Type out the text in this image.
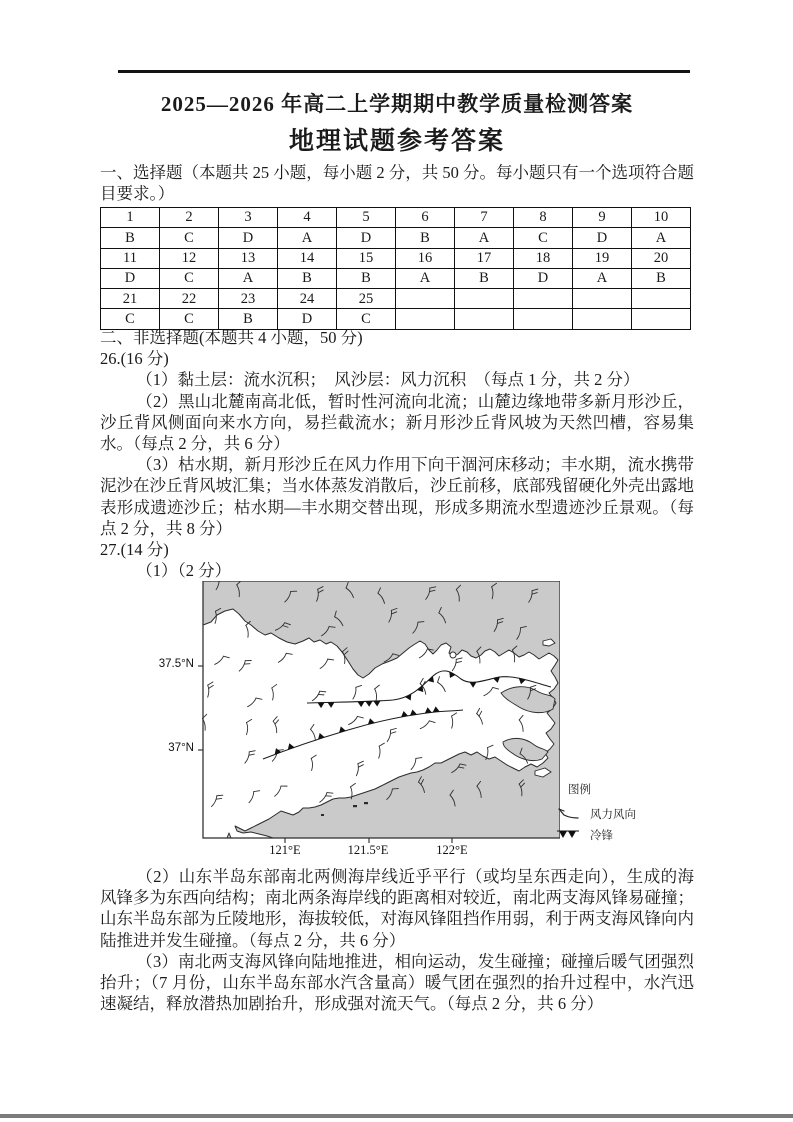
2025—2026 年高二上学期期中教学质量检测答案
地理试题参考答案

一、选择题（本题共 25 小题，每小题 2 分，共 50 分。每小题只有一个选项符合题目要求。）

1	2	3	4	5	6	7	8	9	10
B	C	D	A	D	B	A	C	D	A
11	12	13	14	15	16	17	18	19	20
D	C	A	B	B	A	B	D	A	B
21	22	23	24	25					
C	C	B	D	C					

二、非选择题(本题共 4 小题，50 分)

26.(16 分)

（1）黏土层：流水沉积；　风沙层：风力沉积　（每点 1 分，共 2 分）

（2）黑山北麓南高北低，暂时性河流向北流；山麓边缘地带多新月形沙丘，沙丘背风侧面向来水方向，易拦截流水；新月形沙丘背风坡为天然凹槽，容易集水。（每点 2 分，共 6 分）

（3）枯水期，新月形沙丘在风力作用下向干涸河床移动；丰水期，流水携带泥沙在沙丘背风坡汇集；当水体蒸发消散后，沙丘前移，底部残留硬化外壳出露地表形成遗迹沙丘；枯水期—丰水期交替出现，形成多期流水型遗迹沙丘景观。（每点 2 分，共 8 分）

27.(14 分)

（1）（2 分）

37.5°N
37°N
121°E	121.5°E	122°E

图例

风力风向
冷锋

（2）山东半岛东部南北两侧海岸线近乎平行（或均呈东西走向），生成的海风锋多为东西向结构；南北两条海岸线的距离相对较近，南北两支海风锋易碰撞；山东半岛东部为丘陵地形，海拔较低，对海风锋阻挡作用弱，利于两支海风锋向内陆推进并发生碰撞。（每点 2 分，共 6 分）

（3）南北两支海风锋向陆地推进，相向运动，发生碰撞；碰撞后暖气团强烈抬升；（7 月份，山东半岛东部水汽含量高）暖气团在强烈的抬升过程中，水汽迅速凝结，释放潜热加剧抬升，形成强对流天气。（每点 2 分，共 6 分）
